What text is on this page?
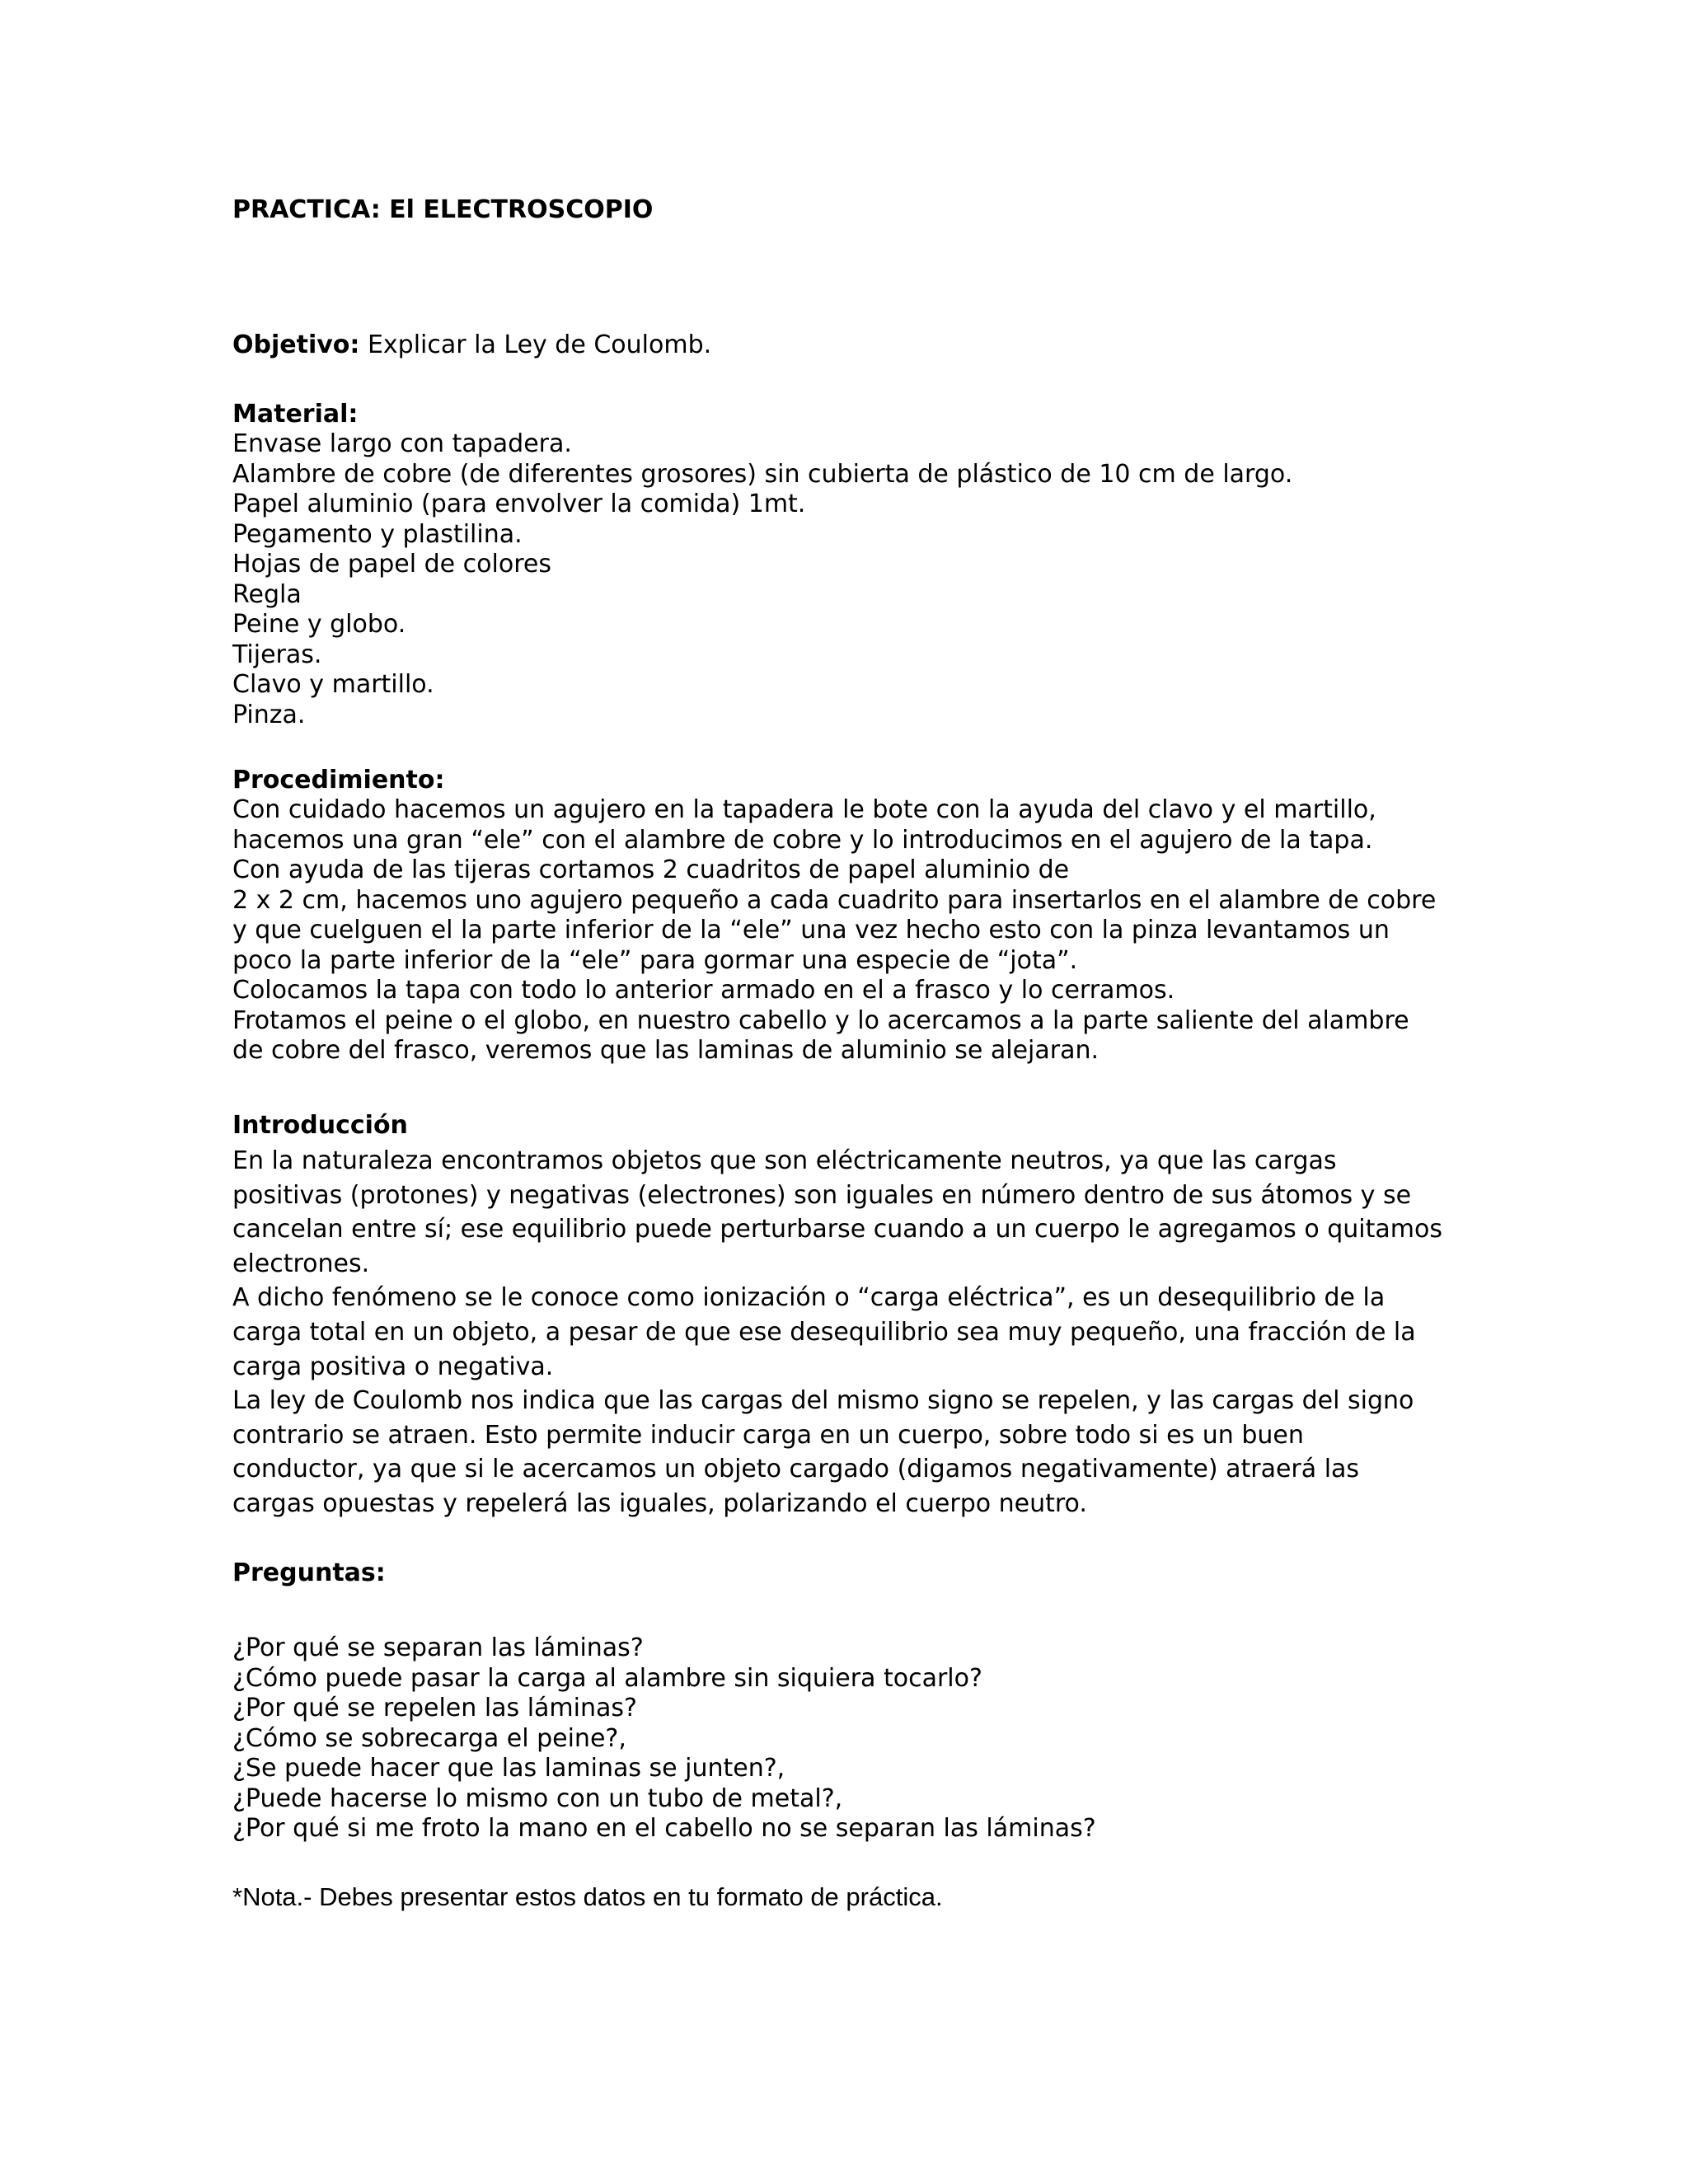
PRACTICA: El ELECTROSCOPIO

Objetivo: Explicar la Ley de Coulomb.

Material:
Envase largo con tapadera.
Alambre de cobre (de diferentes grosores) sin cubierta de plástico de 10 cm de largo.
Papel aluminio (para envolver la comida) 1mt.
Pegamento y plastilina.
Hojas de papel de colores
Regla
Peine y globo.
Tijeras.
Clavo y martillo.
Pinza.
Procedimiento:
Con cuidado hacemos un agujero en la tapadera le bote con la ayuda del clavo y el martillo,
hacemos una gran “ele” con el alambre de cobre y lo introducimos en el agujero de la tapa.
Con ayuda de las tijeras cortamos 2 cuadritos de papel aluminio de
2 x 2 cm, hacemos uno agujero pequeño a cada cuadrito para insertarlos en el alambre de cobre
y que cuelguen el la parte inferior de la “ele” una vez hecho esto con la pinza levantamos un
poco la parte inferior de la “ele” para gormar una especie de “jota”.
Colocamos la tapa con todo lo anterior armado en el a frasco y lo cerramos.
Frotamos el peine o el globo, en nuestro cabello y lo acercamos a la parte saliente del alambre
de cobre del frasco, veremos que las laminas de aluminio se alejaran.
Introducción
En la naturaleza encontramos objetos que son eléctricamente neutros, ya que las cargas
positivas (protones) y negativas (electrones) son iguales en número dentro de sus átomos y se
cancelan entre sí; ese equilibrio puede perturbarse cuando a un cuerpo le agregamos o quitamos
electrones.
A dicho fenómeno se le conoce como ionización o “carga eléctrica”, es un desequilibrio de la
carga total en un objeto, a pesar de que ese desequilibrio sea muy pequeño, una fracción de la
carga positiva o negativa.
La ley de Coulomb nos indica que las cargas del mismo signo se repelen, y las cargas del signo
contrario se atraen. Esto permite inducir carga en un cuerpo, sobre todo si es un buen
conductor, ya que si le acercamos un objeto cargado (digamos negativamente) atraerá las
cargas opuestas y repelerá las iguales, polarizando el cuerpo neutro.
Preguntas:
¿Por qué se separan las láminas?
¿Cómo puede pasar la carga al alambre sin siquiera tocarlo?
¿Por qué se repelen las láminas?
¿Cómo se sobrecarga el peine?,
¿Se puede hacer que las laminas se junten?,
¿Puede hacerse lo mismo con un tubo de metal?,
¿Por qué si me froto la mano en el cabello no se separan las láminas?

*Nota.- Debes presentar estos datos en tu formato de práctica.
